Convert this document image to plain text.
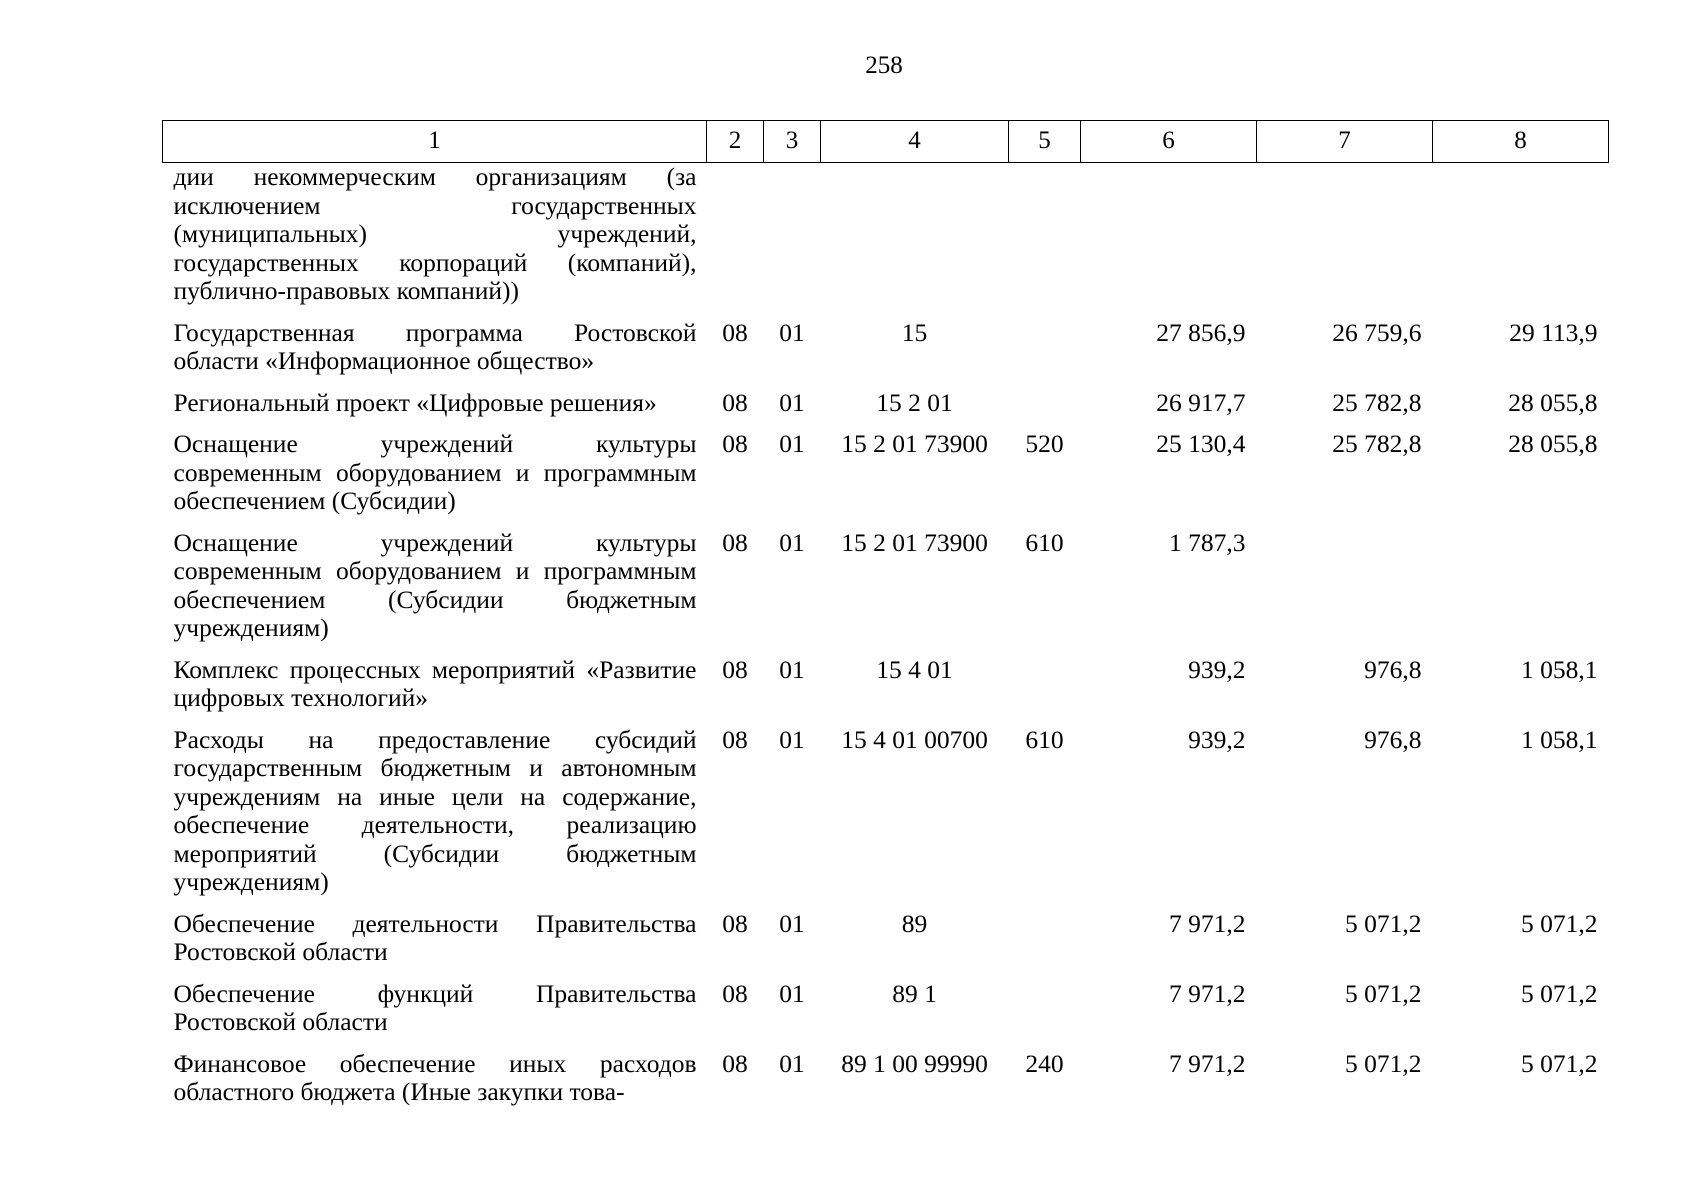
258
1	2	3	4	5	6	7	8
дии некоммерческим организациям (за исключением государственных (муниципальных) учреждений, государственных корпораций (компаний), публично-правовых компаний))							
Государственная программа Ростовской области «Информационное общество»	08	01	15		27 856,9	26 759,6	29 113,9
Региональный проект «Цифровые решения»	08	01	15 2 01		26 917,7	25 782,8	28 055,8
Оснащение учреждений культуры современным оборудованием и программным обеспечением (Субсидии)	08	01	15 2 01 73900	520	25 130,4	25 782,8	28 055,8
Оснащение учреждений культуры современным оборудованием и программным обеспечением (Субсидии бюджетным учреждениям)	08	01	15 2 01 73900	610	1 787,3		
Комплекс процессных мероприятий «Развитие цифровых технологий»	08	01	15 4 01		939,2	976,8	1 058,1
Расходы на предоставление субсидий государственным бюджетным и автономным учреждениям на иные цели на содержание, обеспечение деятельности, реализацию мероприятий (Субсидии бюджетным учреждениям)	08	01	15 4 01 00700	610	939,2	976,8	1 058,1
Обеспечение деятельности Правительства Ростовской области	08	01	89		7 971,2	5 071,2	5 071,2
Обеспечение функций Правительства Ростовской области	08	01	89 1		7 971,2	5 071,2	5 071,2
Финансовое обеспечение иных расходов областного бюджета (Иные закупки това-	08	01	89 1 00 99990	240	7 971,2	5 071,2	5 071,2
